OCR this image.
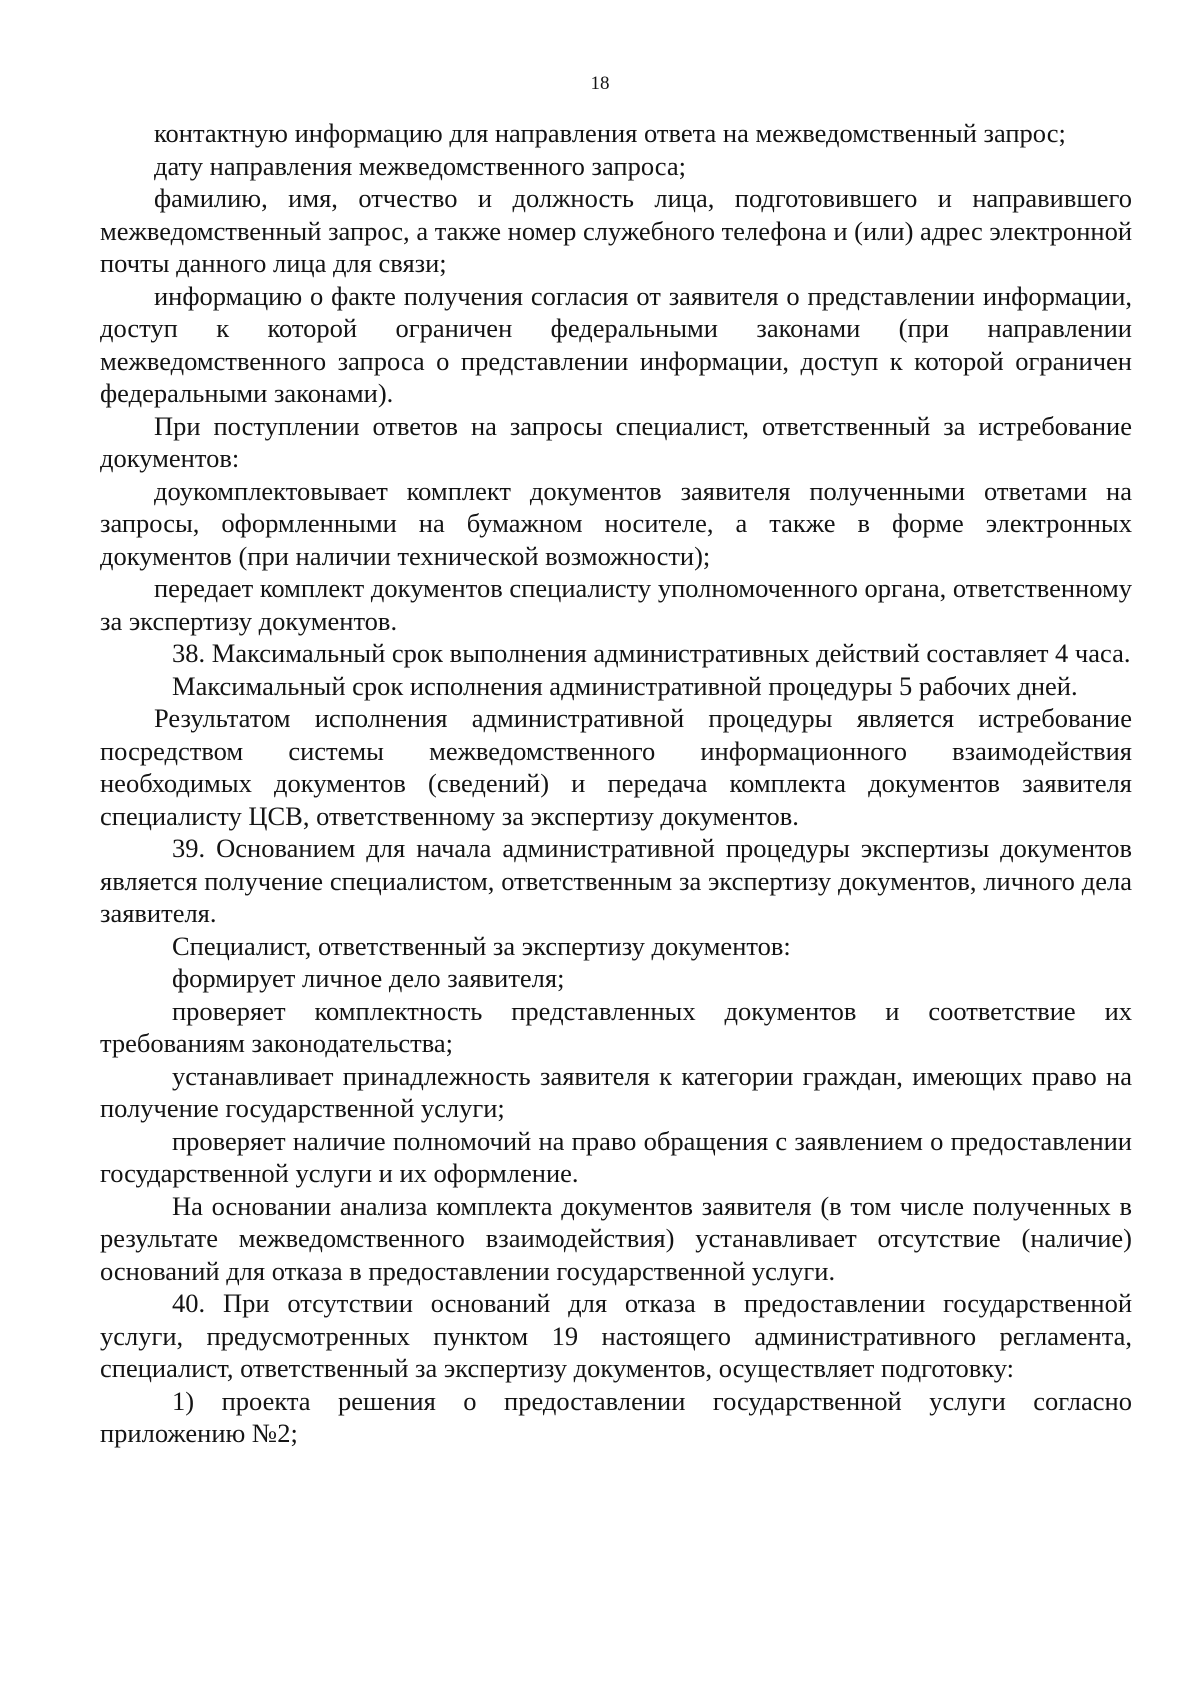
18

контактную информацию для направления ответа на межведомственный запрос;

дату направления межведомственного запроса;

фамилию, имя, отчество и должность лица, подготовившего и направившего межведомственный запрос, а также номер служебного телефона и (или) адрес электронной почты данного лица для связи;

информацию о факте получения согласия от заявителя о представлении информации, доступ к которой ограничен федеральными законами (при направлении межведомственного запроса о представлении информации, доступ к которой ограничен федеральными законами).

При поступлении ответов на запросы специалист, ответственный за истребование документов:

доукомплектовывает комплект документов заявителя полученными ответами на запросы, оформленными на бумажном носителе, а также в форме электронных документов (при наличии технической возможности);

передает комплект документов специалисту уполномоченного органа, ответственному за экспертизу документов.

38. Максимальный срок выполнения административных действий составляет 4 часа.

Максимальный срок исполнения административной процедуры 5 рабочих дней.

Результатом исполнения административной процедуры является истребование посредством системы межведомственного информационного взаимодействия необходимых документов (сведений) и передача комплекта документов заявителя специалисту ЦСВ, ответственному за экспертизу документов.

39. Основанием для начала административной процедуры экспертизы документов является получение специалистом, ответственным за экспертизу документов, личного дела заявителя.

Специалист, ответственный за экспертизу документов:

формирует личное дело заявителя;

проверяет комплектность представленных документов и соответствие их требованиям законодательства;

устанавливает принадлежность заявителя к категории граждан, имеющих право на получение государственной услуги;

проверяет наличие полномочий на право обращения с заявлением о предоставлении государственной услуги и их оформление.

На основании анализа комплекта документов заявителя (в том числе полученных в результате межведомственного взаимодействия) устанавливает отсутствие (наличие) оснований для отказа в предоставлении государственной услуги.

40. При отсутствии оснований для отказа в предоставлении государственной услуги, предусмотренных пунктом 19 настоящего административного регламента, специалист, ответственный за экспертизу документов, осуществляет подготовку:

1) проекта решения о предоставлении государственной услуги согласно приложению №2;
